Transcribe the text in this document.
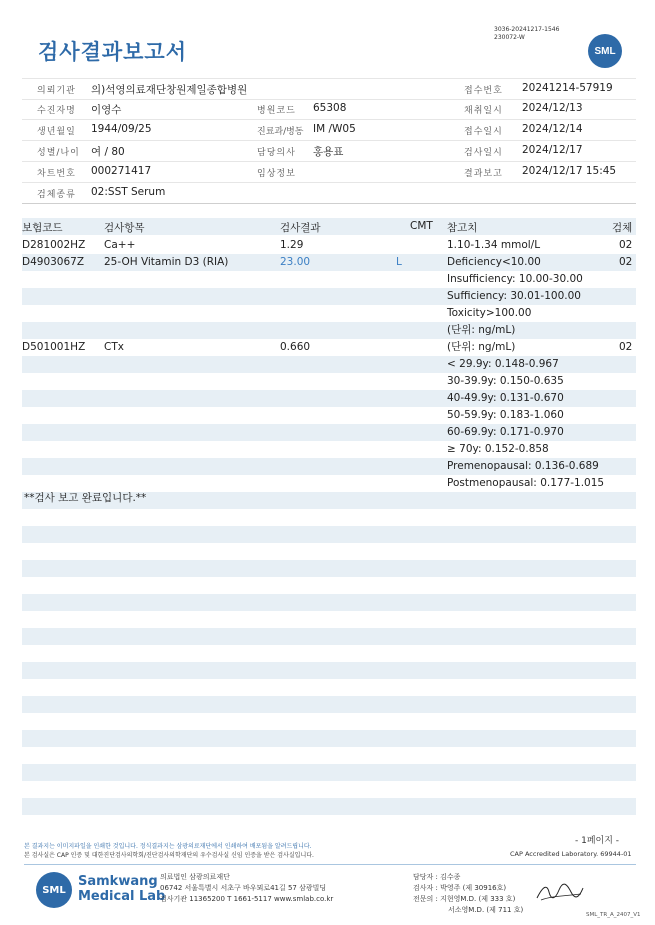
검사결과보고서
3036-20241217-1546
230072-W
SML
의뢰기관 의)석영의료재단창원제일종합병원	접수번호 20241214-57919
수진자명 이영수	병원코드 65308	채취일시 2024/12/13
생년월일 1944/09/25	진료과/병동 IM /W05	접수일시 2024/12/14
성별/나이 여 / 80	담당의사 홍용표	검사일시 2024/12/17
차트번호 000271417	임상정보	결과보고 2024/12/17 15:45
검체종류 02:SST Serum
보험코드	검사항목	검사결과	CMT 참고치	검체
D281002HZ Ca++	1.29	1.10-1.34 mmol/L	02
D4903067Z 25-OH Vitamin D3 (RIA)	23.00	L	Deficiency<10.00	02
Insufficiency: 10.00-30.00
Sufficiency: 30.01-100.00
Toxicity>100.00
(단위: ng/mL)
D501001HZ CTx	0.660	(단위: ng/mL)	02
< 29.9y: 0.148-0.967
30-39.9y: 0.150-0.635
40-49.9y: 0.131-0.670
50-59.9y: 0.183-1.060
60-69.9y: 0.171-0.970
≥ 70y: 0.152-0.858
Premenopausal: 0.136-0.689
Postmenopausal: 0.177-1.015
**검사 보고 완료입니다.**
본 결과지는 이미지파일을 인쇄한 것입니다. 정식결과지는 삼광의료재단에서 인쇄하여 배포됨을 알려드립니다.
본 검사실은 CAP 인증 및 대한진단검사의학회/진단검사의학재단의 우수검사실 신임 인증을 받은 검사실입니다.
- 1페이지 -
CAP Accredited Laboratory. 69944-01
SML
Samkwang
Medical Lab
의료법인 삼광의료재단
06742 서울특별시 서초구 바우뫼로41길 57 삼광빌딩
검사기관 11365200 T 1661-5117 www.smlab.co.kr
담당자 : 김수종
검사자 : 박영주 (제 30916호)
전문의 : 지현영M.D. (제 333 호)
서소영M.D. (제 711 호)
SML_TR_A_2407_V1
